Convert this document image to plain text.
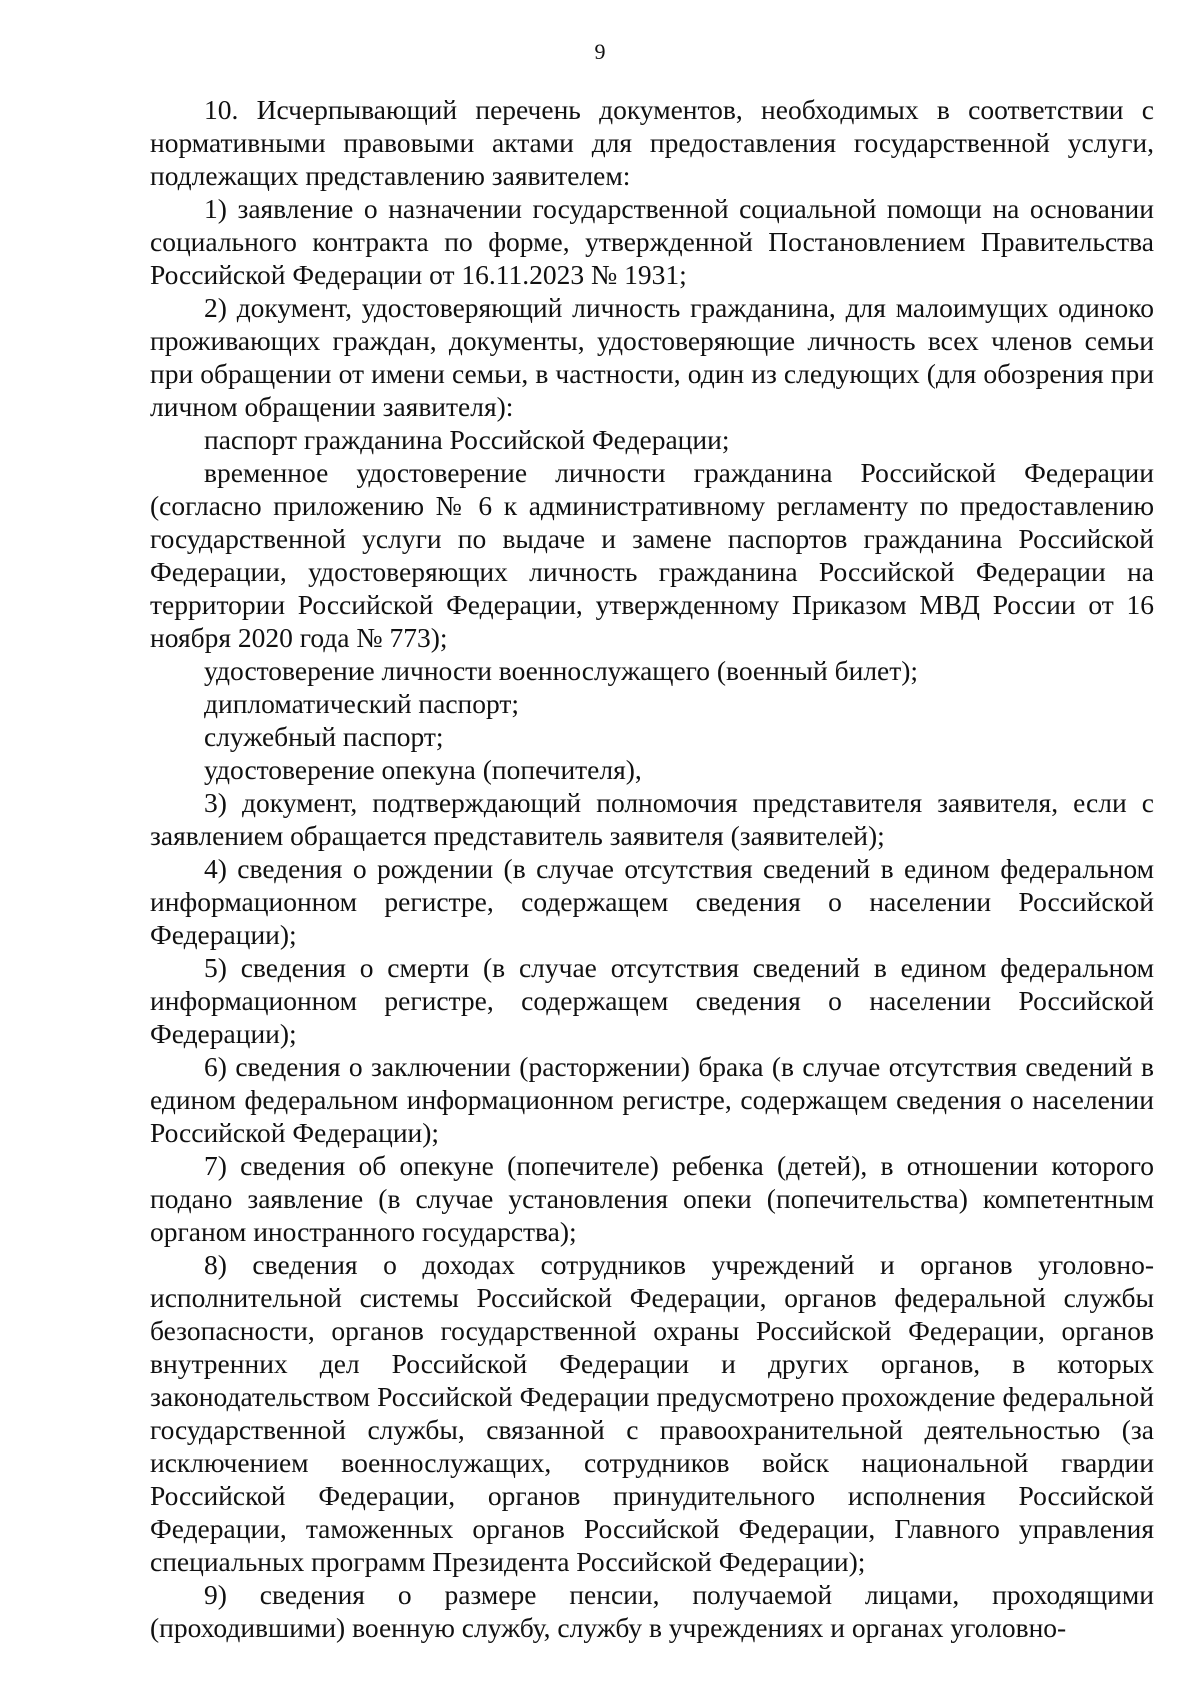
9

10. Исчерпывающий перечень документов, необходимых в соответствии с нормативными правовыми актами для предоставления государственной услуги, подлежащих представлению заявителем:

1) заявление о назначении государственной социальной помощи на основании социального контракта по форме, утвержденной Постановлением Правительства Российской Федерации от 16.11.2023 № 1931;

2) документ, удостоверяющий личность гражданина, для малоимущих одиноко проживающих граждан, документы, удостоверяющие личность всех членов семьи при обращении от имени семьи, в частности, один из следующих (для обозрения при личном обращении заявителя):

паспорт гражданина Российской Федерации;

временное удостоверение личности гражданина Российской Федерации (согласно приложению № 6 к административному регламенту по предоставлению государственной услуги по выдаче и замене паспортов гражданина Российской Федерации, удостоверяющих личность гражданина Российской Федерации на территории Российской Федерации, утвержденному Приказом МВД России от 16 ноября 2020 года № 773);

удостоверение личности военнослужащего (военный билет);

дипломатический паспорт;

служебный паспорт;

удостоверение опекуна (попечителя),

3) документ, подтверждающий полномочия представителя заявителя, если с заявлением обращается представитель заявителя (заявителей);

4) сведения о рождении (в случае отсутствия сведений в едином федеральном информационном регистре, содержащем сведения о населении Российской Федерации);

5) сведения о смерти (в случае отсутствия сведений в едином федеральном информационном регистре, содержащем сведения о населении Российской Федерации);

6) сведения о заключении (расторжении) брака (в случае отсутствия сведений в едином федеральном информационном регистре, содержащем сведения о населении Российской Федерации);

7) сведения об опекуне (попечителе) ребенка (детей), в отношении которого подано заявление (в случае установления опеки (попечительства) компетентным органом иностранного государства);

8) сведения о доходах сотрудников учреждений и органов уголовно-исполнительной системы Российской Федерации, органов федеральной службы безопасности, органов государственной охраны Российской Федерации, органов внутренних дел Российской Федерации и других органов, в которых законодательством Российской Федерации предусмотрено прохождение федеральной государственной службы, связанной с правоохранительной деятельностью (за исключением военнослужащих, сотрудников войск национальной гвардии Российской Федерации, органов принудительного исполнения Российской Федерации, таможенных органов Российской Федерации, Главного управления специальных программ Президента Российской Федерации);

9) сведения о размере пенсии, получаемой лицами, проходящими (проходившими) военную службу, службу в учреждениях и органах уголовно-
